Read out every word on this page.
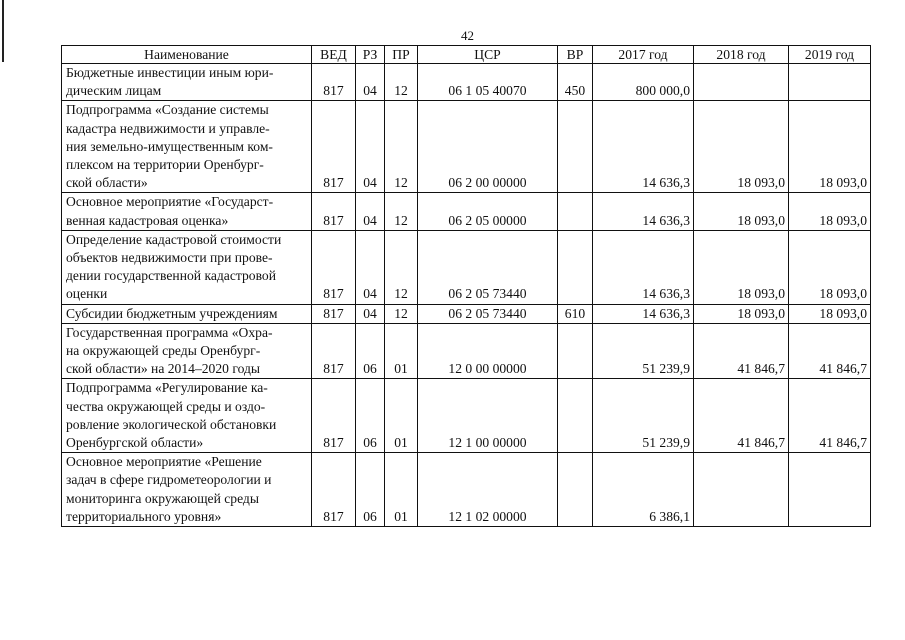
42
Наименование	ВЕД	РЗ	ПР	ЦСР	ВР	2017 год	2018 год	2019 год
Бюджетные инвестиции иным юри-
дическим лицам	817	04	12	06 1 05 40070	450	800 000,0		
Подпрограмма «Создание системы
кадастра недвижимости и управле-
ния земельно-имущественным ком-
плексом на территории Оренбург-
ской области»	817	04	12	06 2 00 00000		14 636,3	18 093,0	18 093,0
Основное мероприятие «Государст-
венная кадастровая оценка»	817	04	12	06 2 05 00000		14 636,3	18 093,0	18 093,0
Определение кадастровой стоимости
объектов недвижимости при прове-
дении государственной кадастровой
оценки	817	04	12	06 2 05 73440		14 636,3	18 093,0	18 093,0
Субсидии бюджетным учреждениям	817	04	12	06 2 05 73440	610	14 636,3	18 093,0	18 093,0
Государственная программа «Охра-
на окружающей среды Оренбург-
ской области» на 2014–2020 годы	817	06	01	12 0 00 00000		51 239,9	41 846,7	41 846,7
Подпрограмма «Регулирование ка-
чества окружающей среды и оздо-
ровление экологической обстановки
Оренбургской области»	817	06	01	12 1 00 00000		51 239,9	41 846,7	41 846,7
Основное мероприятие «Решение
задач в сфере гидрометеорологии и
мониторинга окружающей среды
территориального уровня»	817	06	01	12 1 02 00000		6 386,1		
